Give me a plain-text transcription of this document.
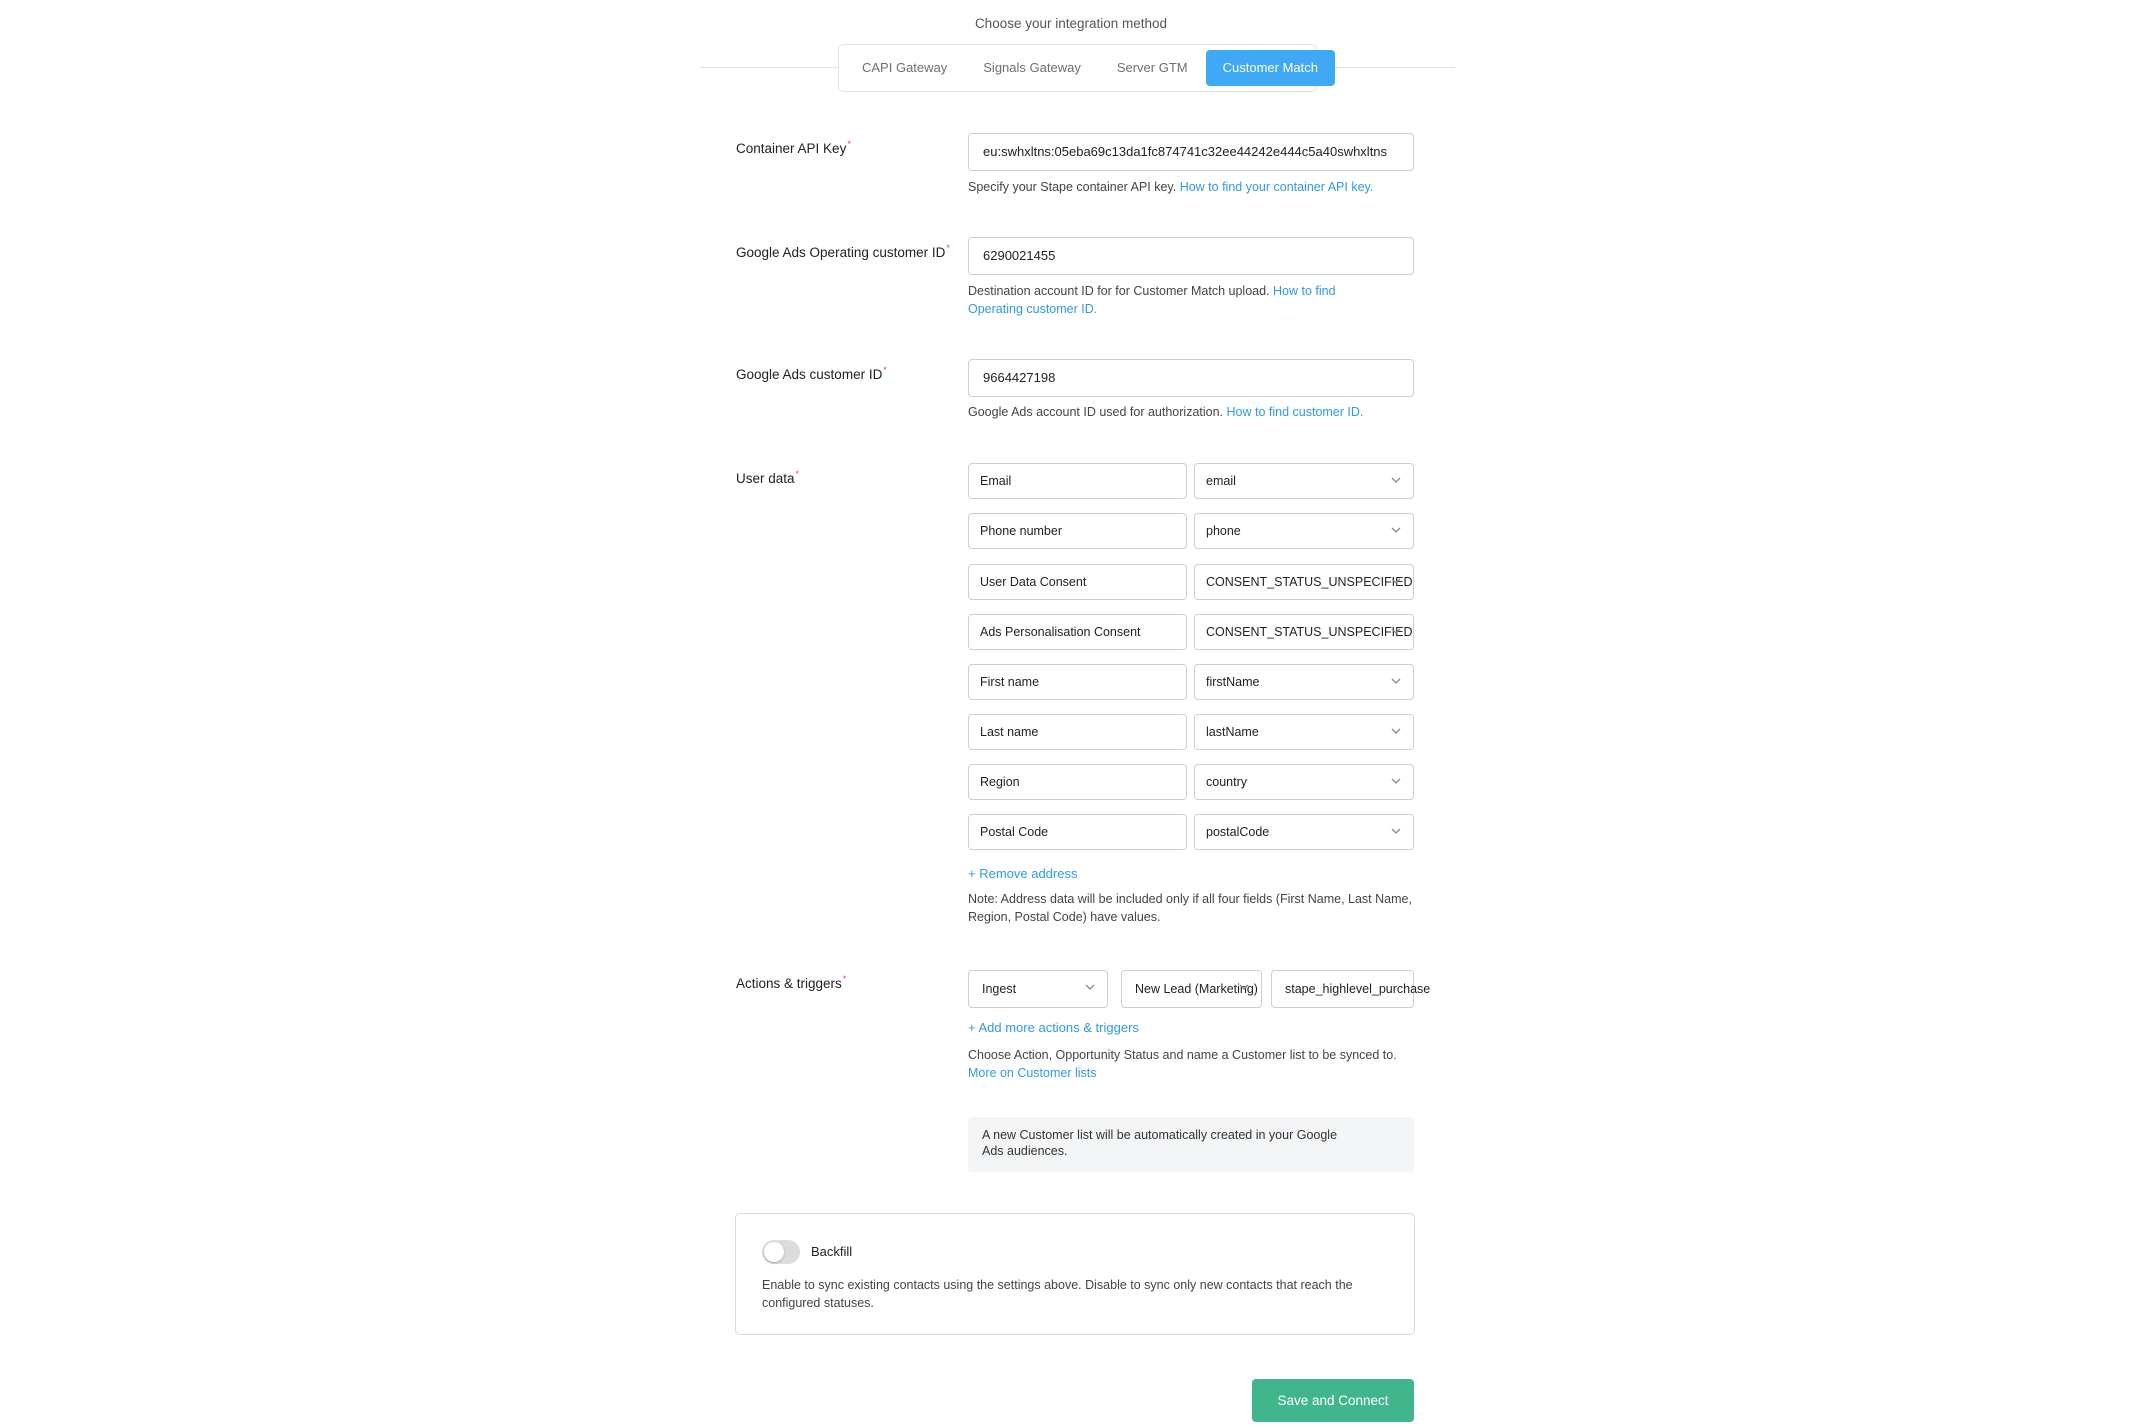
Choose your integration method
CAPI Gateway	Signals Gateway	Server GTM	Customer Match
Container API Key*	eu:swhxltns:05eba69c13da1fc874741c32ee44242e444c5a40swhxltns
Specify your Stape container API key. How to find your container API key.
Google Ads Operating customer ID*	6290021455
Destination account ID for for Customer Match upload. How to find Operating customer ID.
Google Ads customer ID*	9664427198
Google Ads account ID used for authorization. How to find customer ID.
User data*	Email	email
Phone number	phone
User Data Consent	CONSENT_STATUS_UNSPECIFIED
Ads Personalisation Consent	CONSENT_STATUS_UNSPECIFIED
First name	firstName
Last name	lastName
Region	country
Postal Code	postalCode
+ Remove address
Note: Address data will be included only if all four fields (First Name, Last Name, Region, Postal Code) have values.
Actions & triggers*
Ingest	New Lead (Marketing)	stape_highlevel_purchase
+ Add more actions & triggers
Choose Action, Opportunity Status and name a Customer list to be synced to. More on Customer lists
A new Customer list will be automatically created in your Google Ads audiences.
Backfill
Enable to sync existing contacts using the settings above. Disable to sync only new contacts that reach the configured statuses.
Save and Connect
